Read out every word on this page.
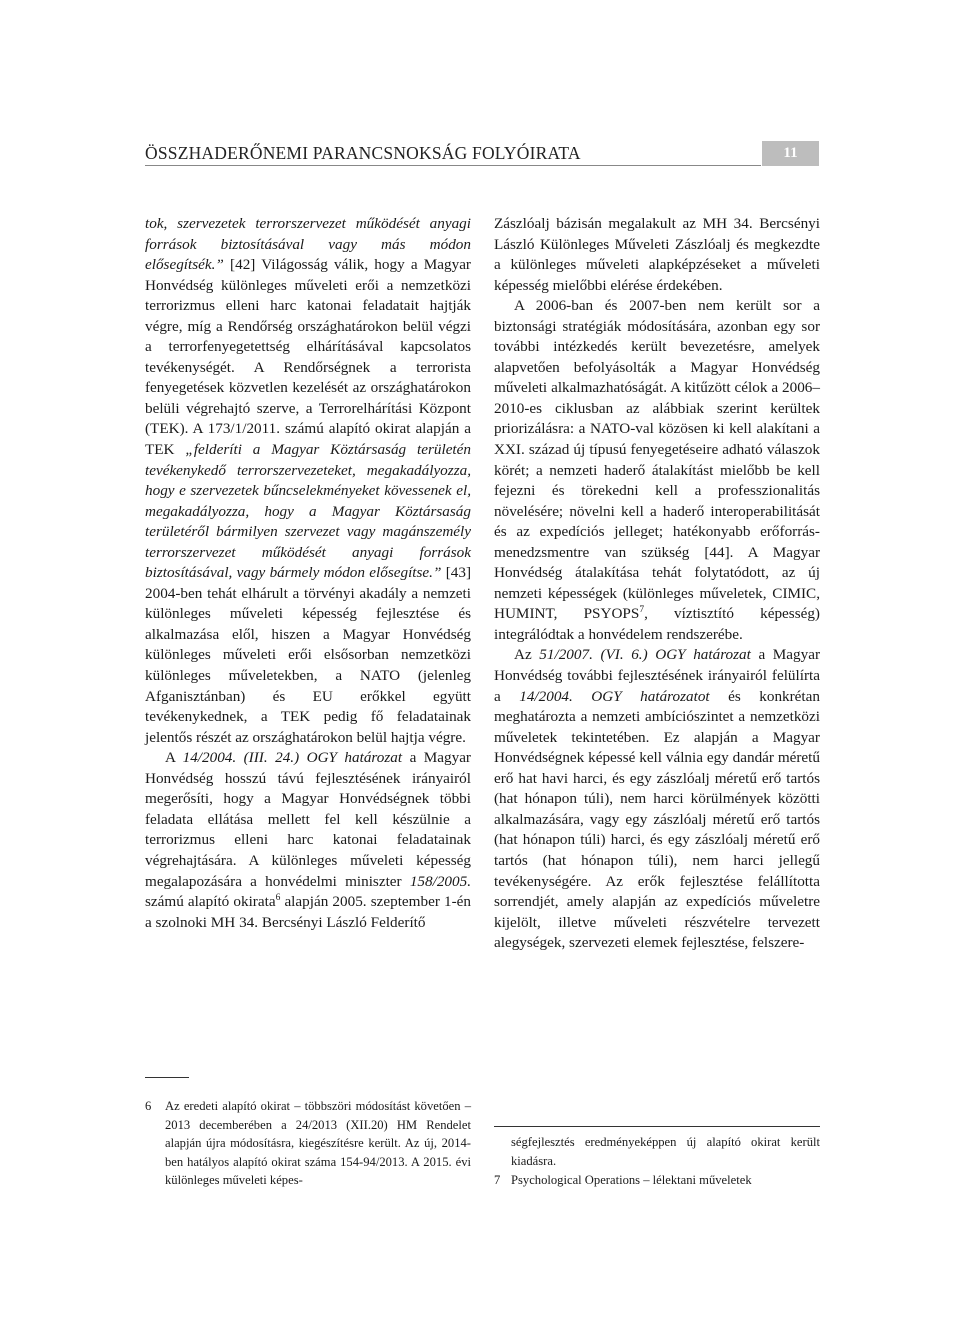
ÖSSZHADERŐNEMI PARANCSNOKSÁG FOLYÓIRATA	11

tok, szervezetek terrorszervezet működését anyagi források biztosításával vagy más módon elősegítsék.” [42] Világosság válik, hogy a Magyar Honvédség különleges műveleti erői a nemzetközi terrorizmus elleni harc katonai feladatait hajtják végre, míg a Rendőrség országhatárokon belül végzi a terrorfenyegetettség elhárításával kapcsolatos tevékenységét. A Rendőrségnek a terrorista fenyegetések közvetlen kezelését az országhatárokon belüli végrehajtó szerve, a Terrorelhárítási Központ (TEK). A 173/1/2011. számú alapító okirat alapján a TEK „felderíti a Magyar Köztársaság területén tevékenykedő terrorszervezeteket, megakadályozza, hogy e szervezetek bűncselekményeket kövessenek el, megakadályozza, hogy a Magyar Köztársaság területéről bármilyen szervezet vagy magánszemély terrorszervezet működését anyagi források biztosításával, vagy bármely módon elősegítse.” [43] 2004-ben tehát elhárult a törvényi akadály a nemzeti különleges műveleti képesség fejlesztése és alkalmazása elől, hiszen a Magyar Honvédség különleges műveleti erői elsősorban nemzetközi különleges műveletekben, a NATO (jelenleg Afganisztánban) és EU erőkkel együtt tevékenykednek, a TEK pedig fő feladatainak jelentős részét az országhatárokon belül hajtja végre.

A 14/2004. (III. 24.) OGY határozat a Magyar Honvédség hosszú távú fejlesztésének irányairól megerősíti, hogy a Magyar Honvédségnek többi feladata ellátása mellett fel kell készülnie a terrorizmus elleni harc katonai feladatainak végrehajtására. A különleges műveleti képesség megalapozására a honvédelmi miniszter 158/2005. számú alapító okirata$^6$ alapján 2005. szeptember 1-én a szolnoki MH 34. Bercsényi László Felderítő

Zászlóalj bázisán megalakult az MH 34. Bercsényi László Különleges Műveleti Zászlóalj és megkezdte a különleges műveleti alapképzéseket a műveleti képesség mielőbbi elérése érdekében.

A 2006-ban és 2007-ben nem került sor a biztonsági stratégiák módosítására, azonban egy sor további intézkedés került bevezetésre, amelyek alapvetően befolyásolták a Magyar Honvédség műveleti alkalmazhatóságát. A kitűzött célok a 2006–2010-es ciklusban az alábbiak szerint kerültek priorizálásra: a NATO-val közösen ki kell alakítani a XXI. század új típusú fenyegetéseire adható válaszok körét; a nemzeti haderő átalakítást mielőbb be kell fejezni és törekedni kell a professzionalitás növelésére; növelni kell a haderő interoperabilitását és az expedíciós jelleget; hatékonyabb erőforrás-menedzsmentre van szükség [44]. A Magyar Honvédség átalakítása tehát folytatódott, az új nemzeti képességek (különleges műveletek, CIMIC, HUMINT, PSYOPS$^7$, víztisztító képesség) integrálódtak a honvédelem rendszerébe.

Az 51/2007. (VI. 6.) OGY határozat a Magyar Honvédség további fejlesztésének irányairól felülírta a 14/2004. OGY határozatot és konkrétan meghatározta a nemzeti ambíciószintet a nemzetközi műveletek tekintetében. Ez alapján a Magyar Honvédségnek képessé kell válnia egy dandár méretű erő hat havi harci, és egy zászlóalj méretű erő tartós (hat hónapon túli), nem harci körülmények közötti alkalmazására, vagy egy zászlóalj méretű erő tartós (hat hónapon túli) harci, és egy zászlóalj méretű erő tartós (hat hónapon túli), nem harci jellegű tevékenységére. Az erők fejlesztése felállította sorrendjét, amely alapján az expedíciós műveletre kijelölt, illetve műveleti részvételre tervezett alegységek, szervezeti elemek fejlesztése, felszere-

6 Az eredeti alapító okirat – többszöri módosítást követően – 2013 decemberében a 24/2013 (XII.20) HM Rendelet alapján újra módosításra, kiegészítésre került. Az új, 2014-ben hatályos alapító okirat száma 154-94/2013. A 2015. évi különleges műveleti képes-
ségfejlesztés eredményeképpen új alapító okirat került kiadásra.
7 Psychological Operations – lélektani műveletek
